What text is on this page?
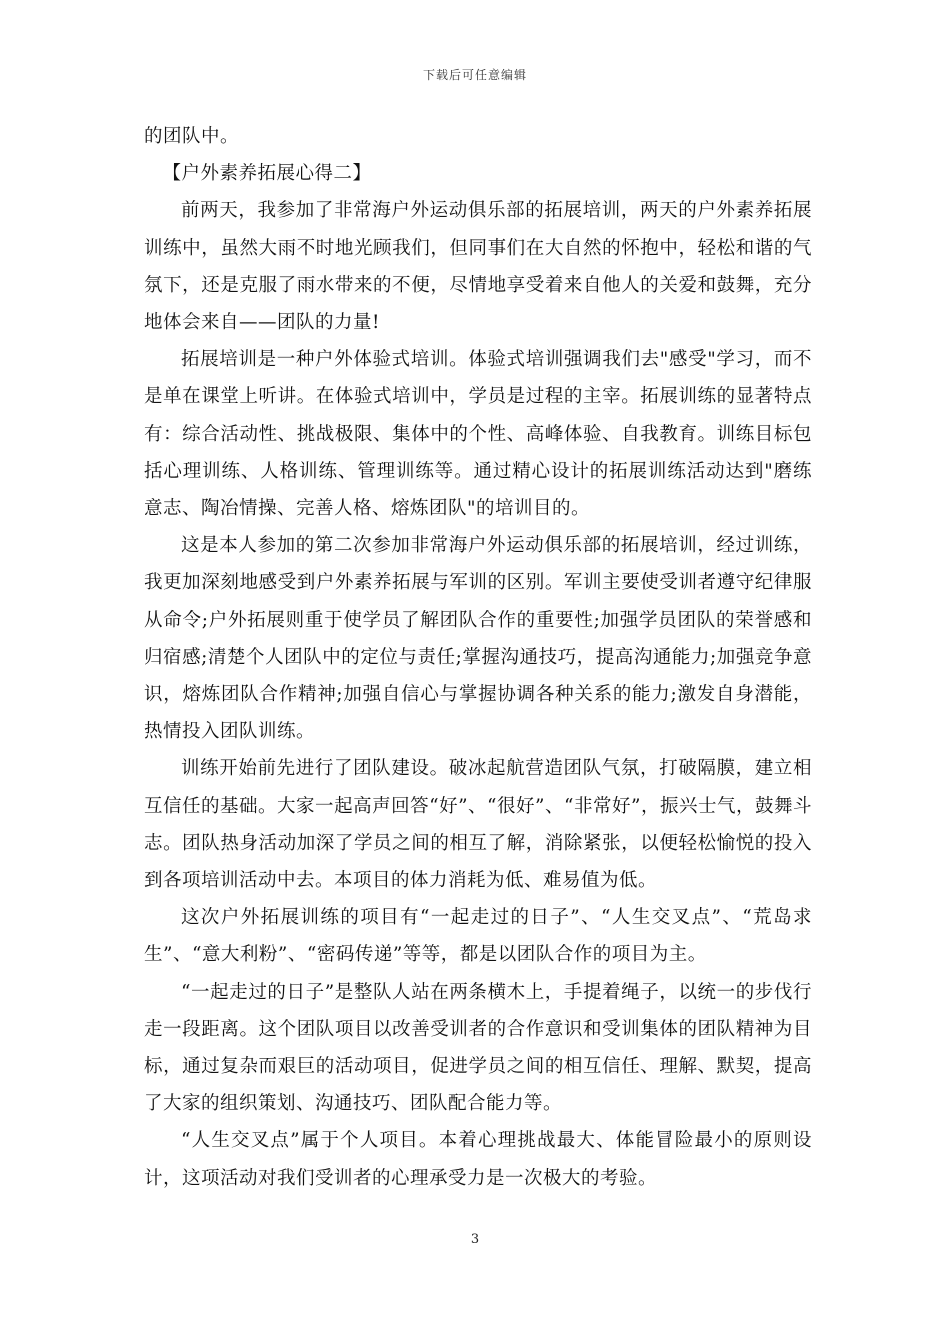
下载后可任意编辑

的团队中。

【户外素养拓展心得二】

前两天，我参加了非常海户外运动俱乐部的拓展培训，两天的户外素养拓展训练中，虽然大雨不时地光顾我们，但同事们在大自然的怀抱中，轻松和谐的气氛下，还是克服了雨水带来的不便，尽情地享受着来自他人的关爱和鼓舞，充分地体会来自——团队的力量!

拓展培训是一种户外体验式培训。体验式培训强调我们去"感受"学习，而不是单在课堂上听讲。在体验式培训中，学员是过程的主宰。拓展训练的显著特点有：综合活动性、挑战极限、集体中的个性、高峰体验、自我教育。训练目标包括心理训练、人格训练、管理训练等。通过精心设计的拓展训练活动达到"磨练意志、陶冶情操、完善人格、熔炼团队"的培训目的。

这是本人参加的第二次参加非常海户外运动俱乐部的拓展培训，经过训练，我更加深刻地感受到户外素养拓展与军训的区别。军训主要使受训者遵守纪律服从命令;户外拓展则重于使学员了解团队合作的重要性;加强学员团队的荣誉感和归宿感;清楚个人团队中的定位与责任;掌握沟通技巧，提高沟通能力;加强竞争意识，熔炼团队合作精神;加强自信心与掌握协调各种关系的能力;激发自身潜能，热情投入团队训练。

训练开始前先进行了团队建设。破冰起航营造团队气氛，打破隔膜，建立相互信任的基础。大家一起高声回答“好”、“很好”、“非常好”，振兴士气，鼓舞斗志。团队热身活动加深了学员之间的相互了解，消除紧张，以便轻松愉悦的投入到各项培训活动中去。本项目的体力消耗为低、难易值为低。

这次户外拓展训练的项目有“一起走过的日子”、“人生交叉点”、“荒岛求生”、“意大利粉”、“密码传递”等等，都是以团队合作的项目为主。

“一起走过的日子”是整队人站在两条横木上，手提着绳子，以统一的步伐行走一段距离。这个团队项目以改善受训者的合作意识和受训集体的团队精神为目标，通过复杂而艰巨的活动项目，促进学员之间的相互信任、理解、默契，提高了大家的组织策划、沟通技巧、团队配合能力等。

“人生交叉点”属于个人项目。本着心理挑战最大、体能冒险最小的原则设计，这项活动对我们受训者的心理承受力是一次极大的考验。

3
